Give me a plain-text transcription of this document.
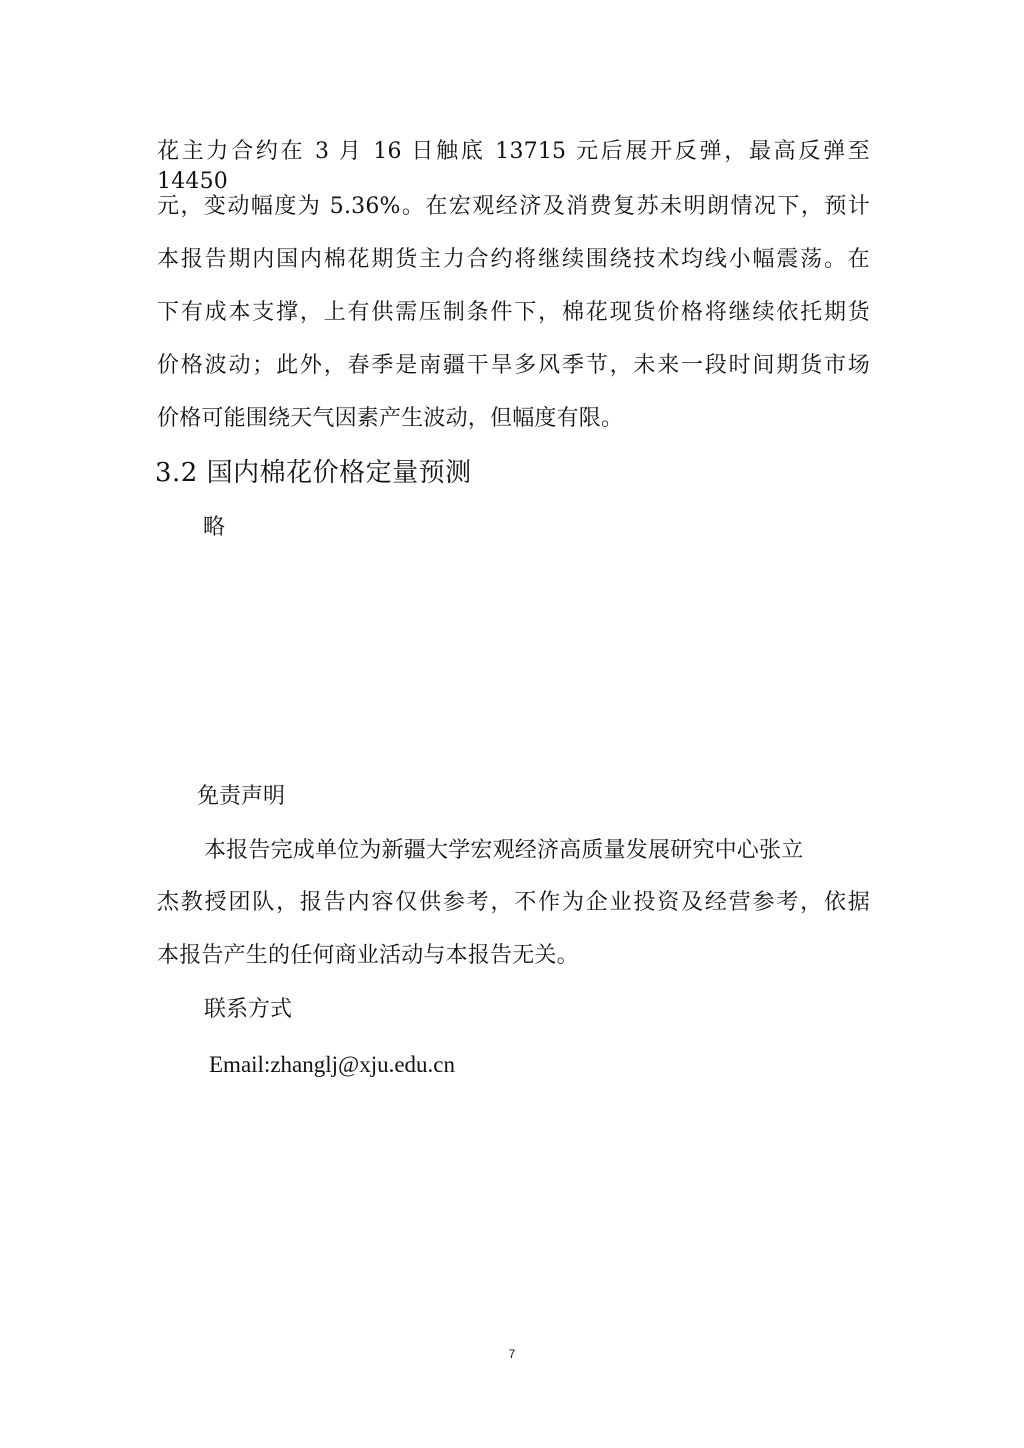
花主力合约在 3 月 16 日触底 13715 元后展开反弹，最高反弹至 14450
元，变动幅度为 5.36%。在宏观经济及消费复苏未明朗情况下，预计
本报告期内国内棉花期货主力合约将继续围绕技术均线小幅震荡。在
下有成本支撑，上有供需压制条件下，棉花现货价格将继续依托期货
价格波动；此外，春季是南疆干旱多风季节，未来一段时间期货市场
价格可能围绕天气因素产生波动，但幅度有限。
3.2 国内棉花价格定量预测
略
免责声明
本报告完成单位为新疆大学宏观经济高质量发展研究中心张立
杰教授团队，报告内容仅供参考，不作为企业投资及经营参考，依据
本报告产生的任何商业活动与本报告无关。
联系方式
Email:zhanglj@xju.edu.cn
7
